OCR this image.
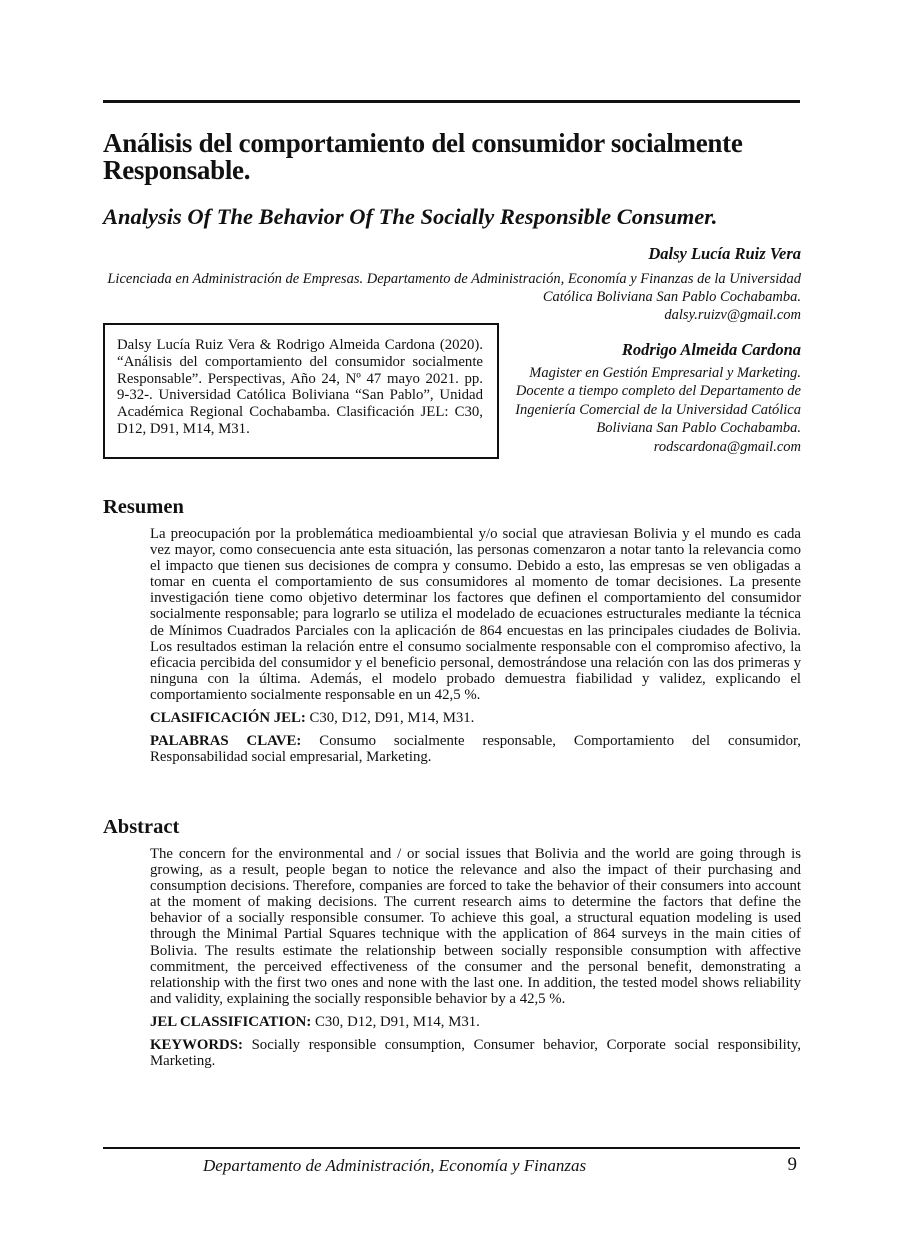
Análisis del comportamiento del consumidor socialmente Responsable.
Analysis Of The Behavior Of The Socially Responsible Consumer.
Dalsy Lucía Ruiz Vera
Licenciada en Administración de Empresas. Departamento de Administración, Economía y Finanzas de la Universidad Católica Boliviana San Pablo Cochabamba.
dalsy.ruizv@gmail.com
Dalsy Lucía Ruiz Vera & Rodrigo Almeida Cardona (2020). “Análisis del comportamiento del consumidor socialmente Responsable”. Perspectivas, Año 24, Nº 47 mayo 2021. pp. 9-32-. Universidad Católica Boliviana “San Pablo”, Unidad Académica Regional Cochabamba. Clasificación JEL: C30, D12, D91, M14, M31.
Rodrigo Almeida Cardona
Magister en Gestión Empresarial y Marketing. Docente a tiempo completo del Departamento de Ingeniería Comercial de la Universidad Católica Boliviana San Pablo Cochabamba.
rodscardona@gmail.com
Resumen

La preocupación por la problemática medioambiental y/o social que atraviesan Bolivia y el mundo es cada vez mayor, como consecuencia ante esta situación, las personas comenzaron a notar tanto la relevancia como el impacto que tienen sus decisiones de compra y consumo. Debido a esto, las empresas se ven obligadas a tomar en cuenta el comportamiento de sus consumidores al momento de tomar decisiones. La presente investigación tiene como objetivo determinar los factores que definen el comportamiento del consumidor socialmente responsable; para lograrlo se utiliza el modelado de ecuaciones estructurales mediante la técnica de Mínimos Cuadrados Parciales con la aplicación de 864 encuestas en las principales ciudades de Bolivia. Los resultados estiman la relación entre el consumo socialmente responsable con el compromiso afectivo, la eficacia percibida del consumidor y el beneficio personal, demostrándose una relación con las dos primeras y ninguna con la última. Además, el modelo probado demuestra fiabilidad y validez, explicando el comportamiento socialmente responsable en un 42,5 %.

CLASIFICACIÓN JEL: C30, D12, D91, M14, M31.

PALABRAS CLAVE: Consumo socialmente responsable, Comportamiento del consumidor, Responsabilidad social empresarial, Marketing.

Abstract

The concern for the environmental and / or social issues that Bolivia and the world are going through is growing, as a result, people began to notice the relevance and also the impact of their purchasing and consumption decisions. Therefore, companies are forced to take the behavior of their consumers into account at the moment of making decisions. The current research aims to determine the factors that define the behavior of a socially responsible consumer. To achieve this goal, a structural equation modeling is used through the Minimal Partial Squares technique with the application of 864 surveys in the main cities of Bolivia. The results estimate the relationship between socially responsible consumption with affective commitment, the perceived effectiveness of the consumer and the personal benefit, demonstrating a relationship with the first two ones and none with the last one. In addition, the tested model shows reliability and validity, explaining the socially responsible behavior by a 42,5 %.

JEL CLASSIFICATION: C30, D12, D91, M14, M31.

KEYWORDS: Socially responsible consumption, Consumer behavior, Corporate social responsibility, Marketing.

Departamento de Administración, Economía y Finanzas	9
